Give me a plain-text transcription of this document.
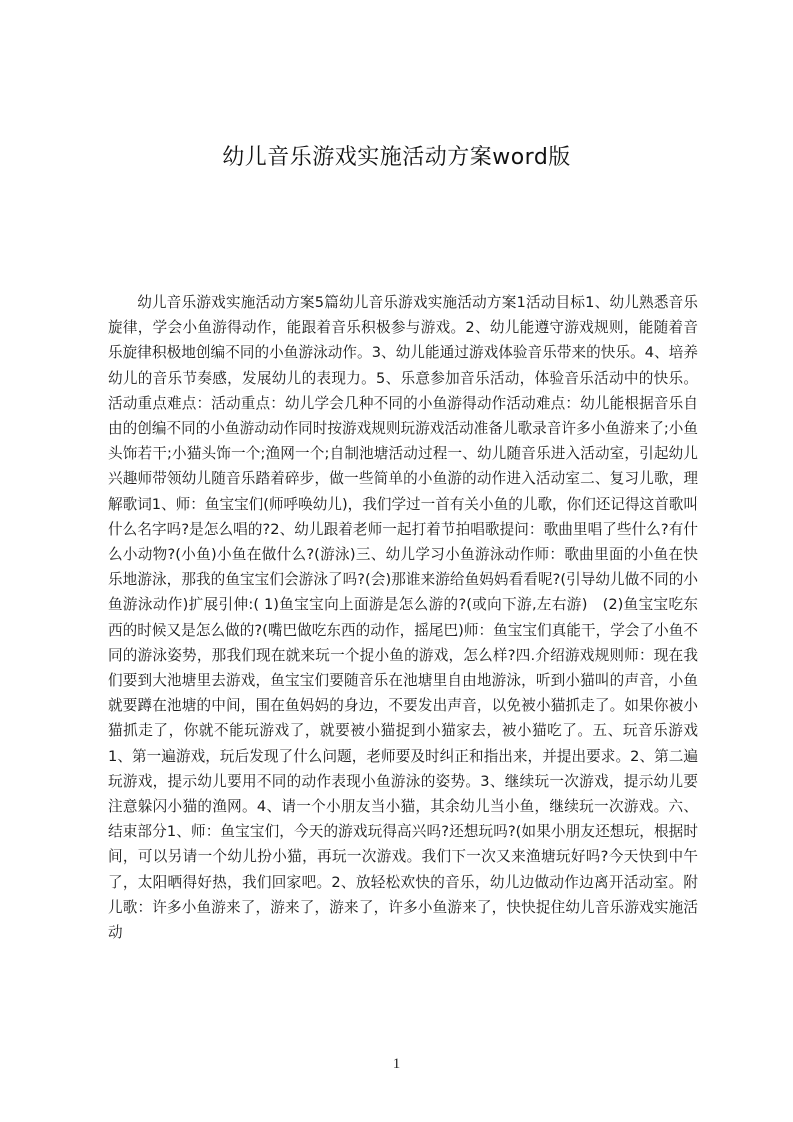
幼儿音乐游戏实施活动方案word版

幼儿音乐游戏实施活动方案5篇幼儿音乐游戏实施活动方案1活动目标1、幼儿熟悉音乐旋律，学会小鱼游得动作，能跟着音乐积极参与游戏。2、幼儿能遵守游戏规则，能随着音乐旋律积极地创编不同的小鱼游泳动作。3、幼儿能通过游戏体验音乐带来的快乐。4、培养幼儿的音乐节奏感，发展幼儿的表现力。5、乐意参加音乐活动，体验音乐活动中的快乐。活动重点难点：活动重点：幼儿学会几种不同的小鱼游得动作活动难点：幼儿能根据音乐自由的创编不同的小鱼游动动作同时按游戏规则玩游戏活动准备儿歌录音许多小鱼游来了;小鱼头饰若干;小猫头饰一个;渔网一个;自制池塘活动过程一、幼儿随音乐进入活动室，引起幼儿兴趣师带领幼儿随音乐踏着碎步，做一些简单的小鱼游的动作进入活动室二、复习儿歌，理解歌词1、师：鱼宝宝们(师呼唤幼儿)，我们学过一首有关小鱼的儿歌，你们还记得这首歌叫什么名字吗?是怎么唱的?2、幼儿跟着老师一起打着节拍唱歌提问：歌曲里唱了些什么?有什么小动物?(小鱼)小鱼在做什么?(游泳)三、幼儿学习小鱼游泳动作师：歌曲里面的小鱼在快乐地游泳，那我的鱼宝宝们会游泳了吗?(会)那谁来游给鱼妈妈看看呢?(引导幼儿做不同的小鱼游泳动作)扩展引伸:( 1)鱼宝宝向上面游是怎么游的?(或向下游,左右游)　(2)鱼宝宝吃东西的时候又是怎么做的?(嘴巴做吃东西的动作，摇尾巴)师：鱼宝宝们真能干，学会了小鱼不同的游泳姿势，那我们现在就来玩一个捉小鱼的游戏，怎么样?四.介绍游戏规则师：现在我们要到大池塘里去游戏，鱼宝宝们要随音乐在池塘里自由地游泳，听到小猫叫的声音，小鱼就要蹲在池塘的中间，围在鱼妈妈的身边，不要发出声音，以免被小猫抓走了。如果你被小猫抓走了，你就不能玩游戏了，就要被小猫捉到小猫家去，被小猫吃了。五、玩音乐游戏1、第一遍游戏，玩后发现了什么问题，老师要及时纠正和指出来，并提出要求。2、第二遍玩游戏，提示幼儿要用不同的动作表现小鱼游泳的姿势。3、继续玩一次游戏，提示幼儿要注意躲闪小猫的渔网。4、请一个小朋友当小猫，其余幼儿当小鱼，继续玩一次游戏。六、结束部分1、师：鱼宝宝们，今天的游戏玩得高兴吗?还想玩吗?(如果小朋友还想玩，根据时间，可以另请一个幼儿扮小猫，再玩一次游戏。我们下一次又来渔塘玩好吗?今天快到中午了，太阳晒得好热，我们回家吧。2、放轻松欢快的音乐，幼儿边做动作边离开活动室。附儿歌：许多小鱼游来了，游来了，游来了，许多小鱼游来了，快快捉住幼儿音乐游戏实施活动

1
